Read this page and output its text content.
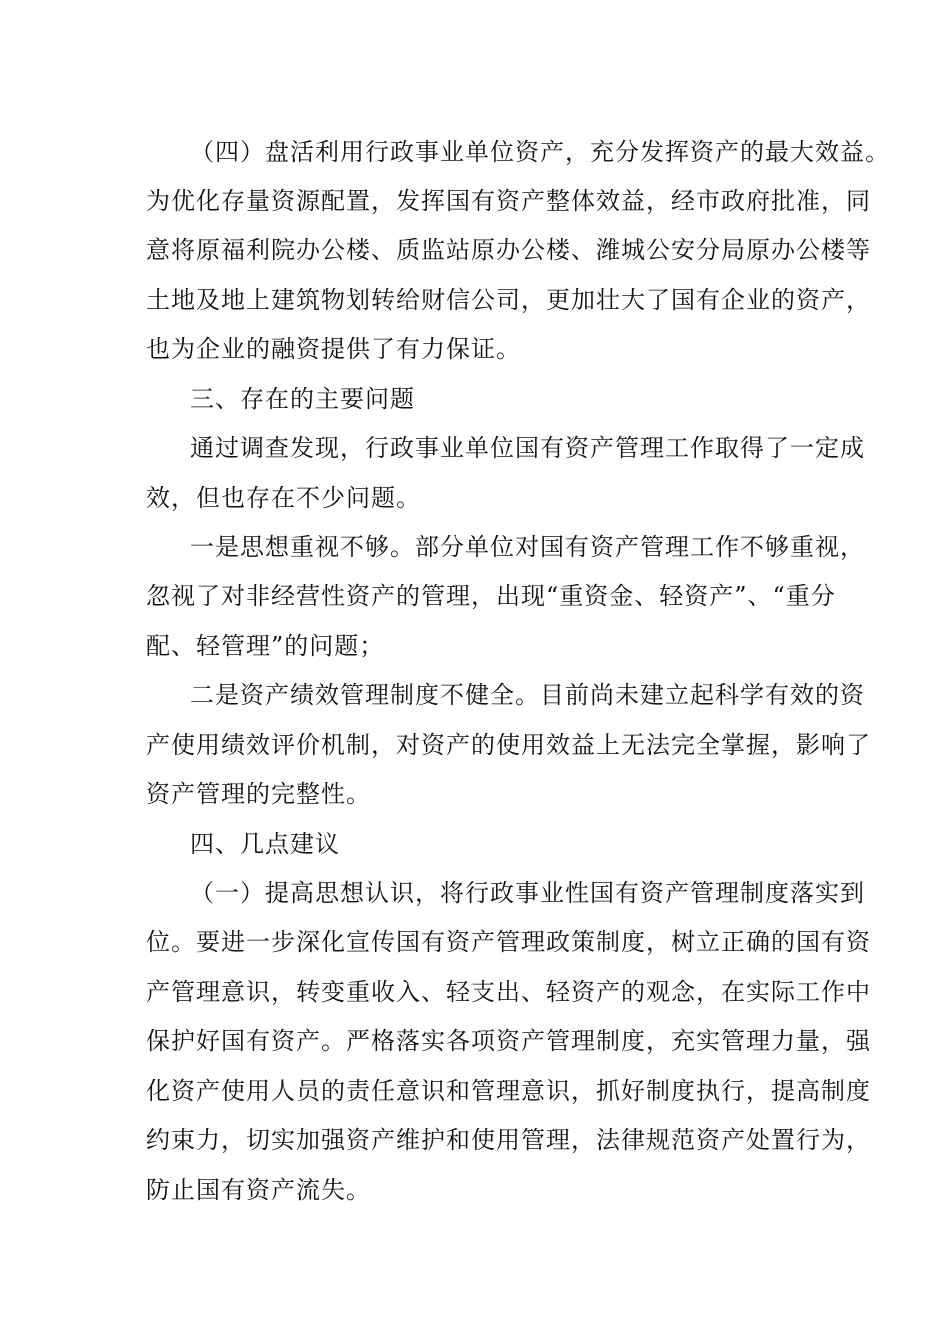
（四）盘活利用行政事业单位资产，充分发挥资产的最大效益。
为优化存量资源配置，发挥国有资产整体效益，经市政府批准，同
意将原福利院办公楼、质监站原办公楼、潍城公安分局原办公楼等
土地及地上建筑物划转给财信公司，更加壮大了国有企业的资产，
也为企业的融资提供了有力保证。
三、存在的主要问题
通过调查发现，行政事业单位国有资产管理工作取得了一定成
效，但也存在不少问题。
一是思想重视不够。部分单位对国有资产管理工作不够重视，
忽视了对非经营性资产的管理，出现“重资金、轻资产”、“重分
配、轻管理”的问题；
二是资产绩效管理制度不健全。目前尚未建立起科学有效的资
产使用绩效评价机制，对资产的使用效益上无法完全掌握，影响了
资产管理的完整性。
四、几点建议
（一）提高思想认识，将行政事业性国有资产管理制度落实到
位。要进一步深化宣传国有资产管理政策制度，树立正确的国有资
产管理意识，转变重收入、轻支出、轻资产的观念，在实际工作中
保护好国有资产。严格落实各项资产管理制度，充实管理力量，强
化资产使用人员的责任意识和管理意识，抓好制度执行，提高制度
约束力，切实加强资产维护和使用管理，法律规范资产处置行为，
防止国有资产流失。
